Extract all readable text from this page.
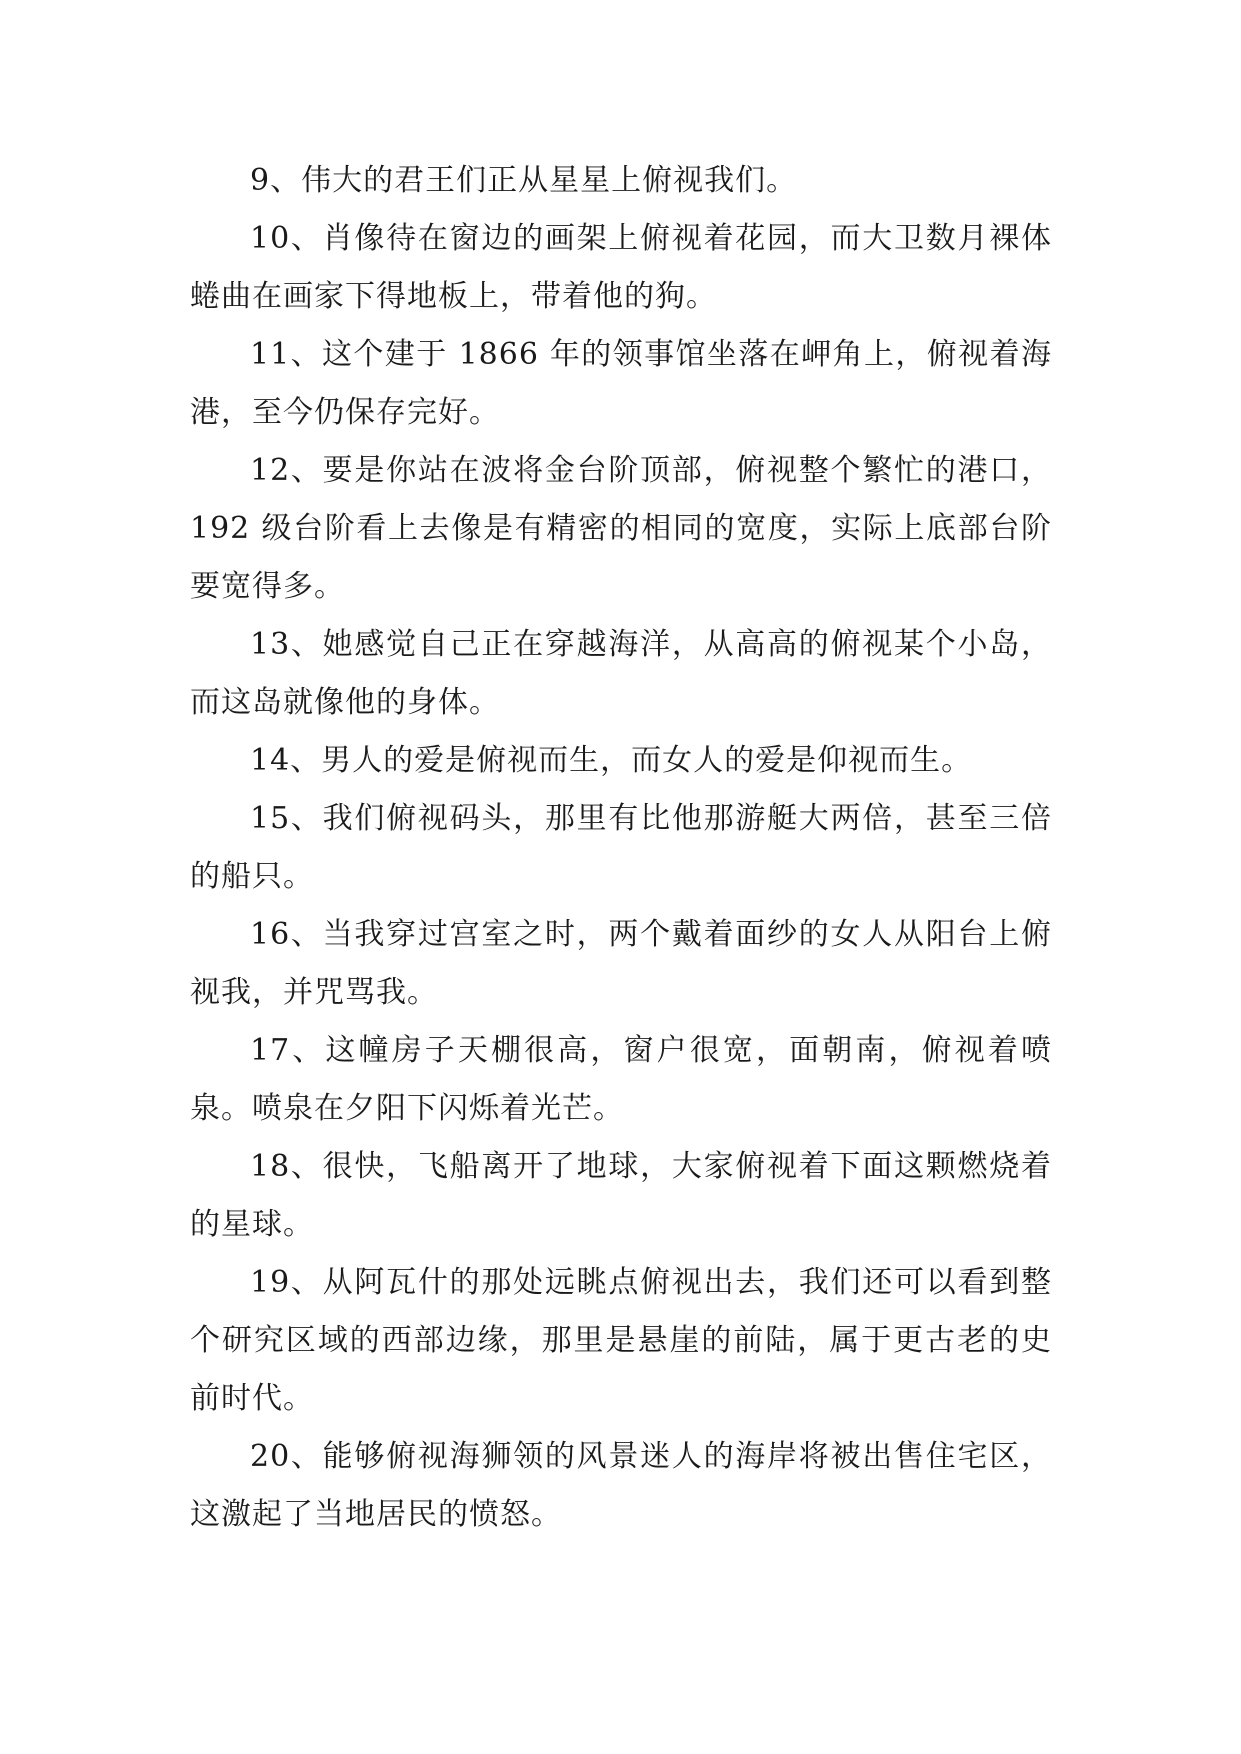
9、伟大的君王们正从星星上俯视我们。

10、肖像待在窗边的画架上俯视着花园，而大卫数月裸体蜷曲在画家下得地板上，带着他的狗。

11、这个建于 1866 年的领事馆坐落在岬角上，俯视着海港，至今仍保存完好。

12、要是你站在波将金台阶顶部，俯视整个繁忙的港口，192 级台阶看上去像是有精密的相同的宽度，实际上底部台阶要宽得多。

13、她感觉自己正在穿越海洋，从高高的俯视某个小岛，而这岛就像他的身体。

14、男人的爱是俯视而生，而女人的爱是仰视而生。

15、我们俯视码头，那里有比他那游艇大两倍，甚至三倍的船只。

16、当我穿过宫室之时，两个戴着面纱的女人从阳台上俯视我，并咒骂我。

17、这幢房子天棚很高，窗户很宽，面朝南，俯视着喷泉。喷泉在夕阳下闪烁着光芒。

18、很快，飞船离开了地球，大家俯视着下面这颗燃烧着的星球。

19、从阿瓦什的那处远眺点俯视出去，我们还可以看到整个研究区域的西部边缘，那里是悬崖的前陆，属于更古老的史前时代。

20、能够俯视海狮领的风景迷人的海岸将被出售住宅区，这激起了当地居民的愤怒。
